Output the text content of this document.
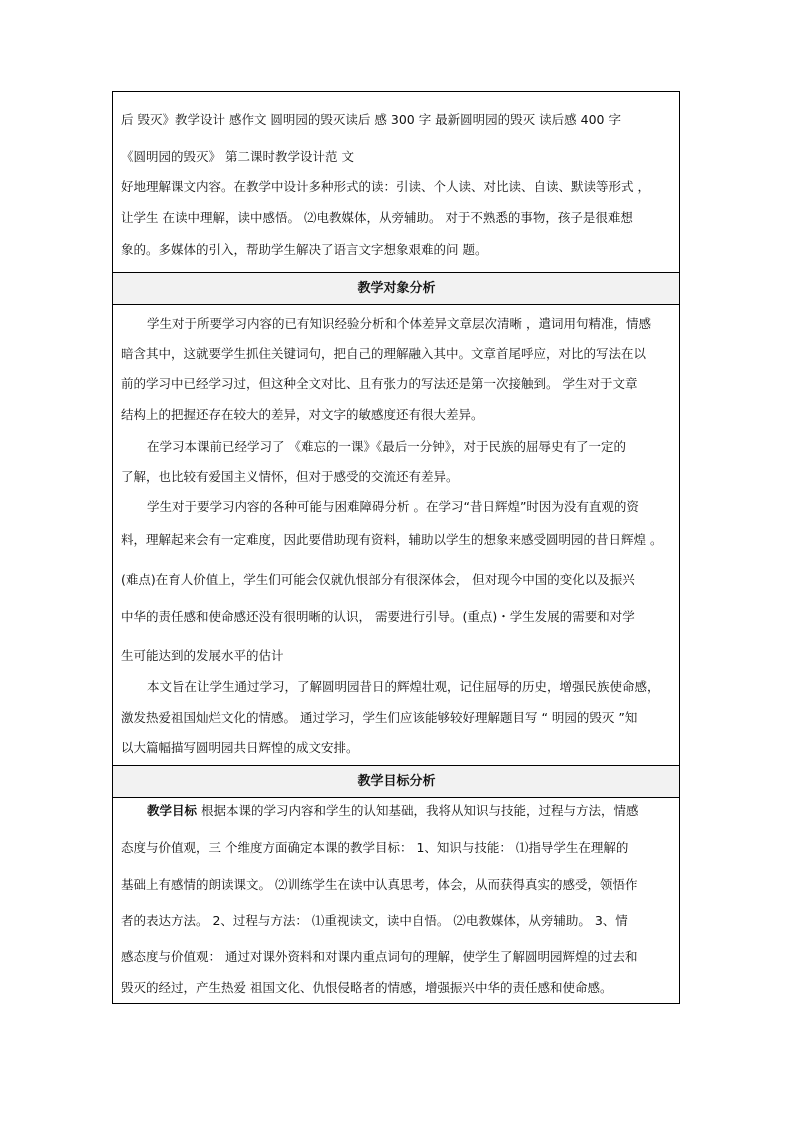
教学对象分析
教学目标分析
后 毁灭》教学设计 感作文 圆明园的毁灭读后 感 300 字 最新圆明园的毁灭 读后感 400 字
《圆明园的毁灭》 第二课时教学设计范 文
好地理解课文内容。在教学中设计多种形式的读：引读、个人读、对比读、自读、默读等形式 ，
让学生 在读中理解，读中感悟。 ⑵电教媒体，从旁辅助。 对于不熟悉的事物，孩子是很难想
象的。多媒体的引入，帮助学生解决了语言文字想象艰难的问 题。
学生对于所要学习内容的已有知识经验分析和个体差异文章层次清晰 ，遣词用句精准，情感
暗含其中，这就要学生抓住关键词句，把自己的理解融入其中。文章首尾呼应，对比的写法在以
前的学习中已经学习过，但这种全文对比、且有张力的写法还是第一次接触到。 学生对于文章
结构上的把握还存在较大的差异，对文字的敏感度还有很大差异。
在学习本课前已经学习了 《难忘的一课》《最后一分钟》，对于民族的屈辱史有了一定的
了解，也比较有爱国主义情怀，但对于感受的交流还有差异。
学生对于要学习内容的各种可能与困难障碍分析 。在学习“昔日辉煌”时因为没有直观的资
料，理解起来会有一定难度，因此要借助现有资料，辅助以学生的想象来感受圆明园的昔日辉煌 。
(难点)在育人价值上，学生们可能会仅就仇恨部分有很深体会， 但对现今中国的变化以及振兴
中华的责任感和使命感还没有很明晰的认识， 需要进行引导。(重点)・学生发展的需要和对学
生可能达到的发展水平的估计
本文旨在让学生通过学习，了解圆明园昔日的辉煌壮观，记住屈辱的历史，增强民族使命感，
激发热爱祖国灿烂文化的情感。 通过学习，学生们应该能够较好理解题目写 “ 明园的毁灭 ”知
以大篇幅描写圆明园共日辉惶的成文安排。
教学目标 根据本课的学习内容和学生的认知基础，我将从知识与技能，过程与方法，情感
态度与价值观，三 个维度方面确定本课的教学目标： 1、知识与技能： ⑴指导学生在理解的
基础上有感情的朗读课文。 ⑵训练学生在读中认真思考，体会，从而获得真实的感受，领悟作
者的表达方法。 2、过程与方法： ⑴重视读文，读中自悟。 ⑵电教媒体，从旁辅助。 3、情
感态度与价值观： 通过对课外资料和对课内重点词句的理解，使学生了解圆明园辉煌的过去和
毁灭的经过，产生热爱 祖国文化、仇恨侵略者的情感，增强振兴中华的责任感和使命感。
